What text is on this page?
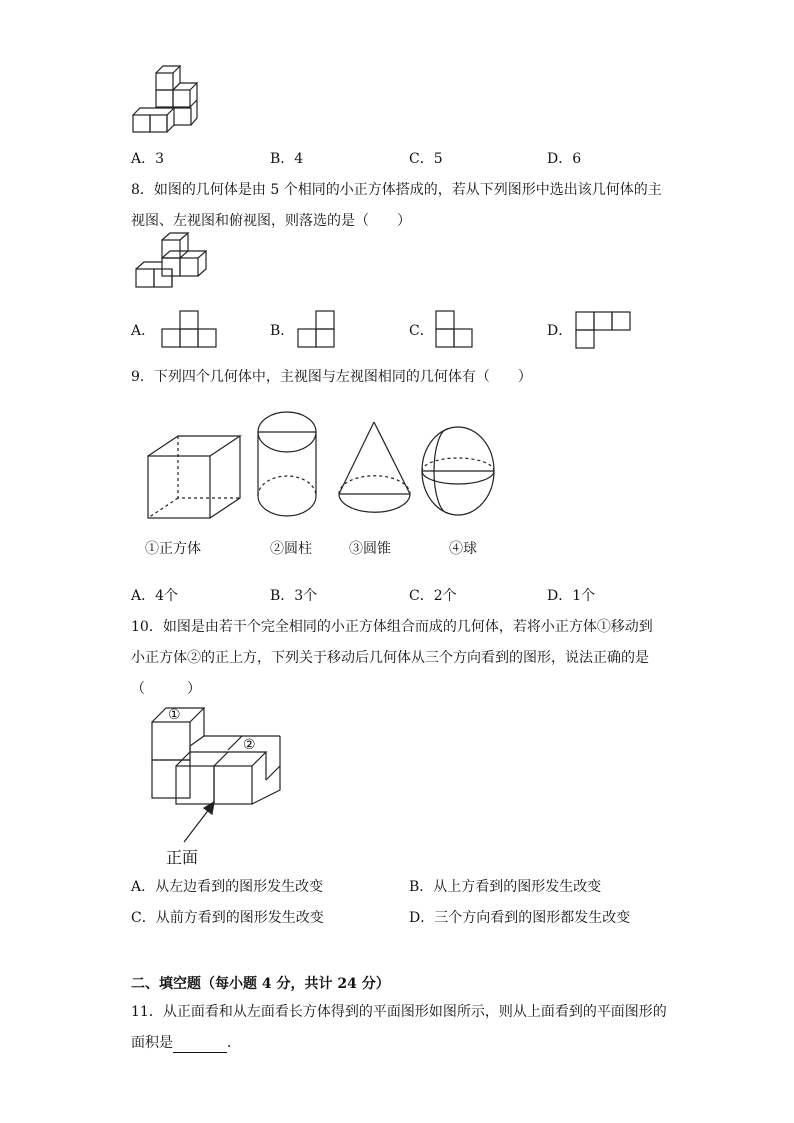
A．3	B．4	C．5	D．6
8．如图的几何体是由 5 个相同的小正方体搭成的，若从下列图形中选出该几何体的主
视图、左视图和俯视图，则落选的是（　　）
A．	B．	C．	D．
9．下列四个几何体中，主视图与左视图相同的几何体有（　　）
①正方体	②圆柱	③圆锥	④球
A．4个	B．3个	C．2个	D．1个
10．如图是由若干个完全相同的小正方体组合而成的几何体，若将小正方体①移动到
小正方体②的正上方，下列关于移动后几何体从三个方向看到的图形，说法正确的是
（　　　）
①
②
正面
A．从左边看到的图形发生改变	B．从上方看到的图形发生改变
C．从前方看到的图形发生改变	D．三个方向看到的图形都发生改变
二、填空题（每小题 4 分，共计 24 分）
11．从正面看和从左面看长方体得到的平面图形如图所示，则从上面看到的平面图形的
面积是	．
